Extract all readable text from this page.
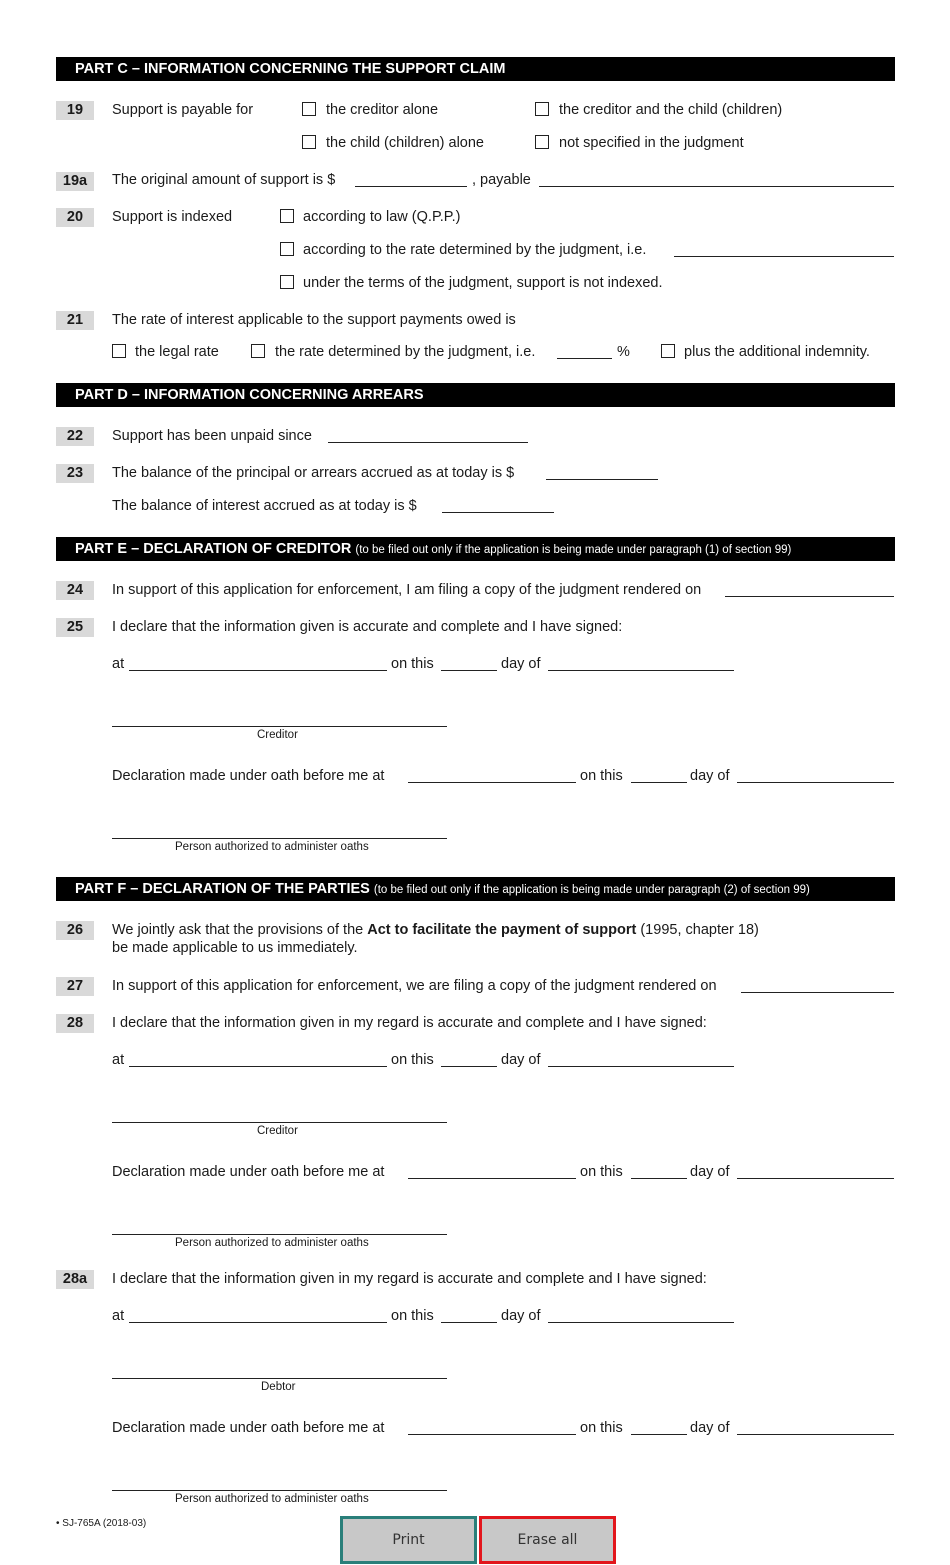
PART C – INFORMATION CONCERNING THE SUPPORT CLAIM
19	Support is payable for	the creditor alone	the creditor and the child (children)
the child (children) alone	not specified in the judgment
19a	The original amount of support is $	, payable
20	Support is indexed	according to law (Q.P.P.)
according to the rate determined by the judgment, i.e.
under the terms of the judgment, support is not indexed.
21	The rate of interest applicable to the support payments owed is
the legal rate	the rate determined by the judgment, i.e.	%	plus the additional indemnity.
PART D – INFORMATION CONCERNING ARREARS
22	Support has been unpaid since
23	The balance of the principal or arrears accrued as at today is $
The balance of interest accrued as at today is $
PART E – DECLARATION OF CREDITOR (to be filed out only if the application is being made under paragraph (1) of section 99)
24	In support of this application for enforcement, I am filing a copy of the judgment rendered on
25	I declare that the information given is accurate and complete and I have signed:
at	on this	day of
Creditor
Declaration made under oath before me at	on this	day of
Person authorized to administer oaths
PART F – DECLARATION OF THE PARTIES (to be filed out only if the application is being made under paragraph (2) of section 99)
26	We jointly ask that the provisions of the Act to facilitate the payment of support (1995, chapter 18)
be made applicable to us immediately.
27	In support of this application for enforcement, we are filing a copy of the judgment rendered on
28	I declare that the information given in my regard is accurate and complete and I have signed:
at	on this	day of
Creditor
Declaration made under oath before me at	on this	day of
Person authorized to administer oaths
28a	I declare that the information given in my regard is accurate and complete and I have signed:
at	on this	day of
Debtor
Declaration made under oath before me at	on this	day of
Person authorized to administer oaths
• SJ-765A (2018-03)
Print	Erase all
